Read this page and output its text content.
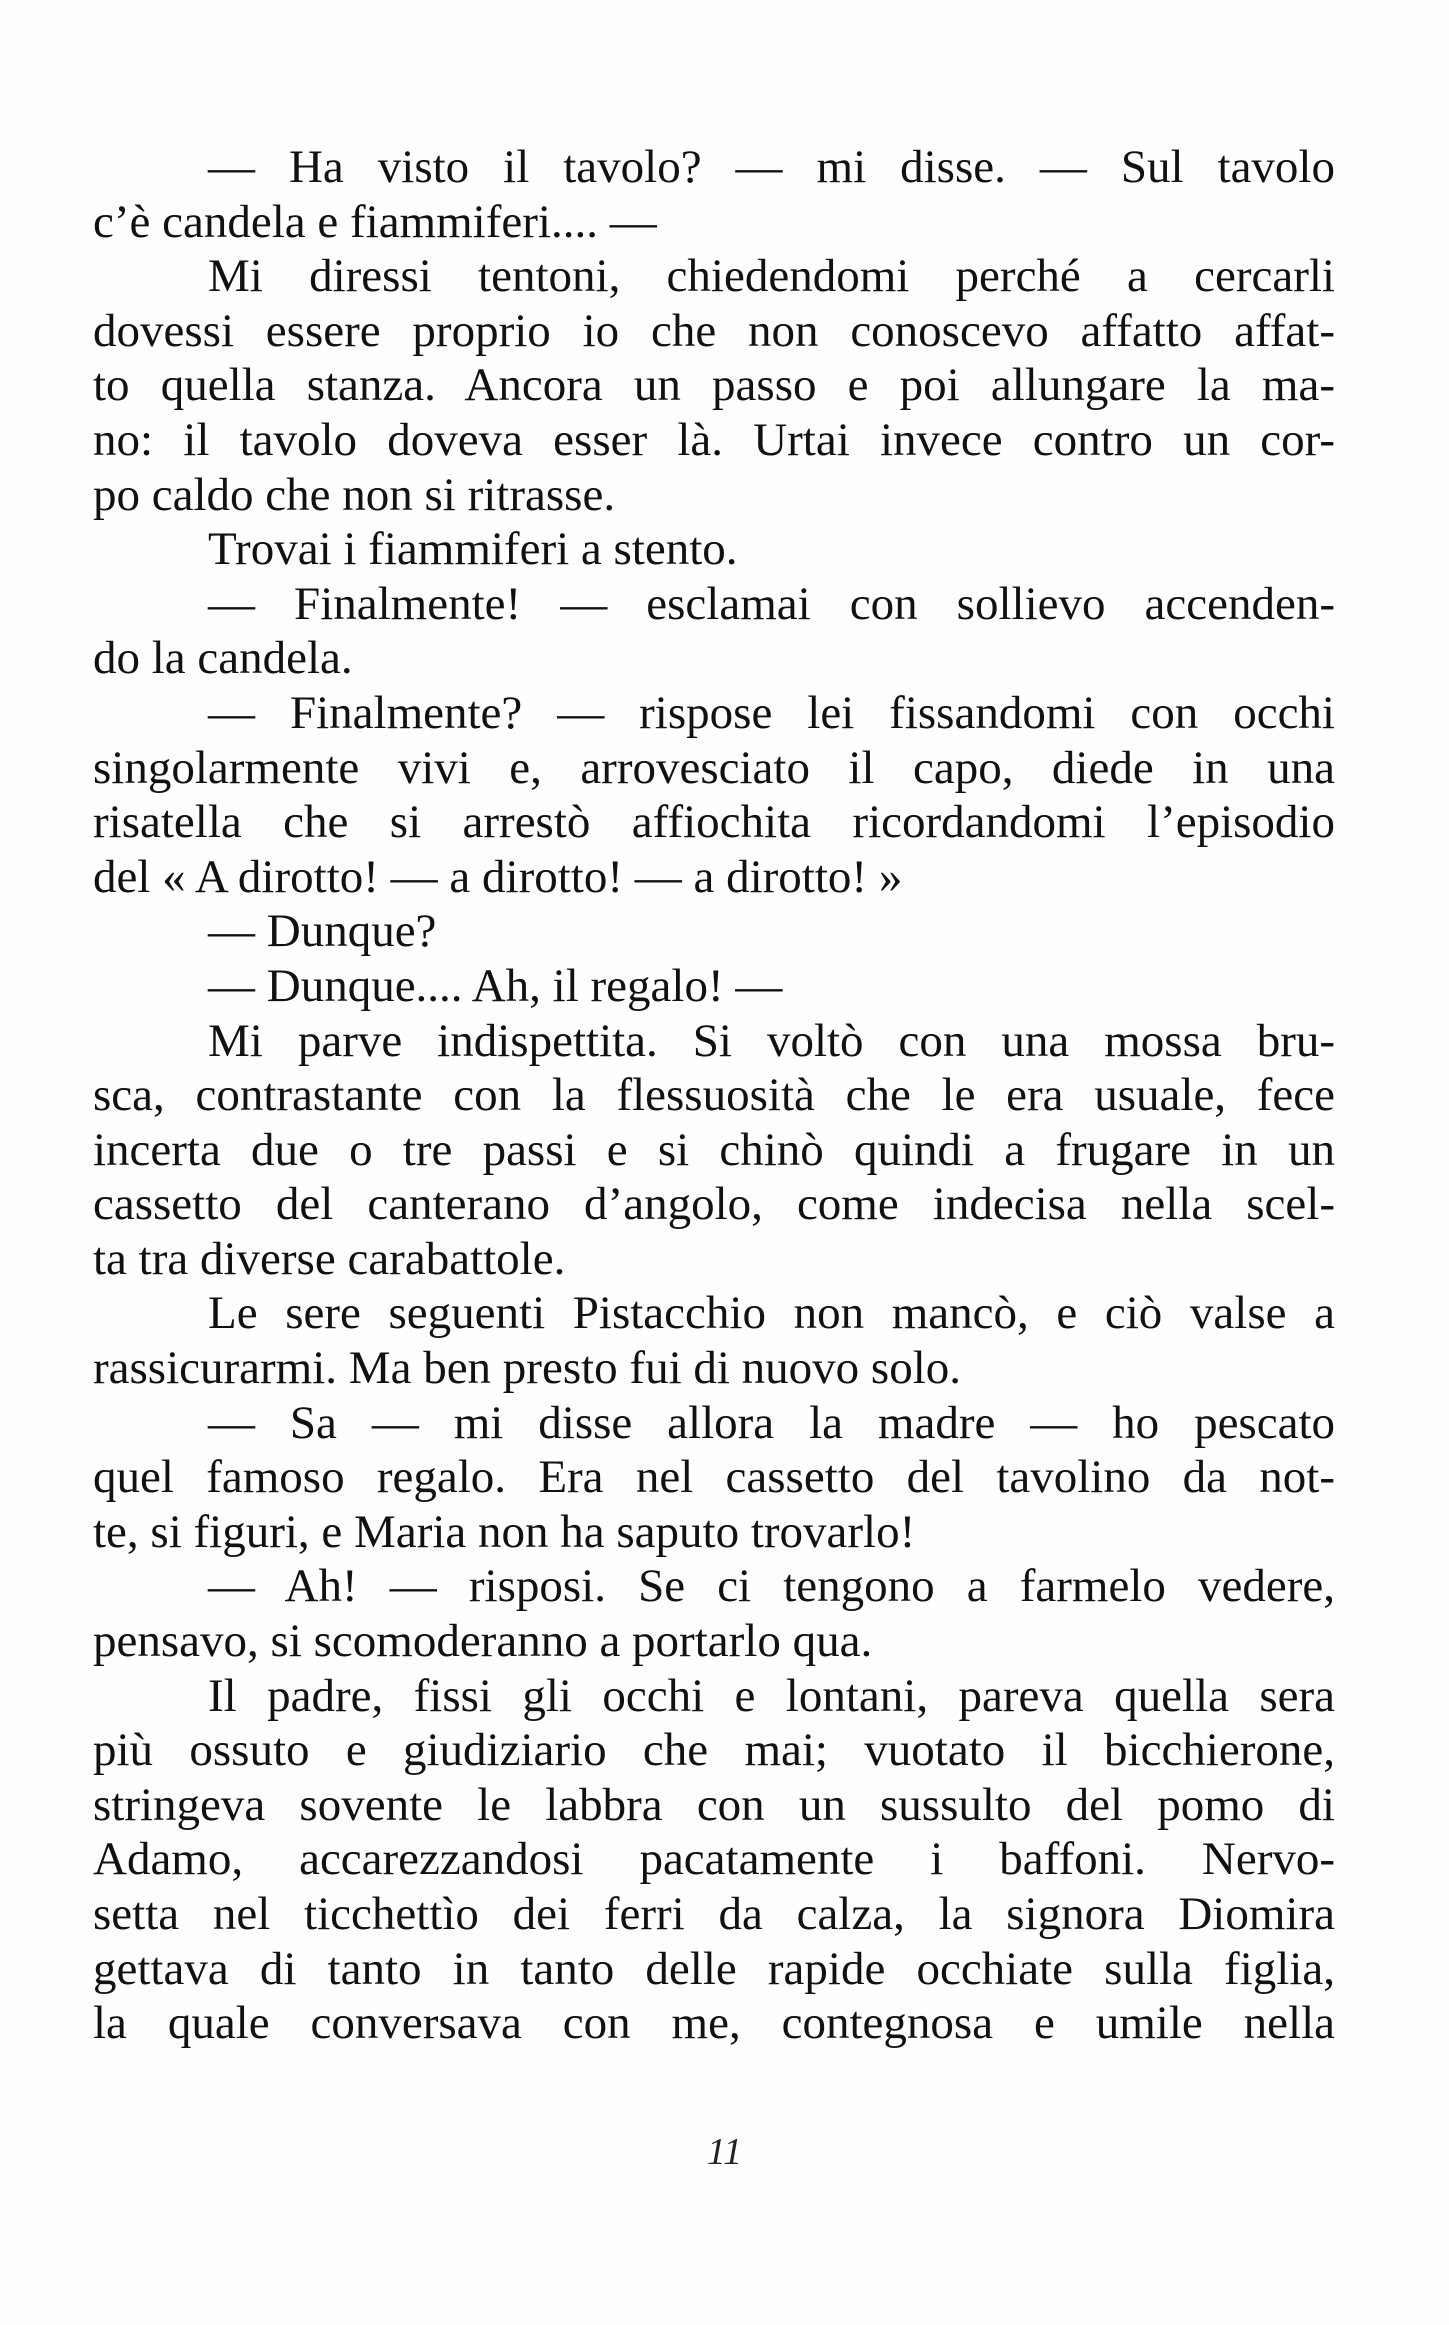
— Ha visto il tavolo? — mi disse. — Sul tavolo
c’è candela e fiammiferi.... —
Mi diressi tentoni, chiedendomi perché a cercarli
dovessi essere proprio io che non conoscevo affatto affat-
to quella stanza. Ancora un passo e poi allungare la ma-
no: il tavolo doveva esser là. Urtai invece contro un cor-
po caldo che non si ritrasse.
Trovai i fiammiferi a stento.
— Finalmente! — esclamai con sollievo accenden-
do la candela.
— Finalmente? — rispose lei fissandomi con occhi
singolarmente vivi e, arrovesciato il capo, diede in una
risatella che si arrestò affiochita ricordandomi l’episodio
del « A dirotto! — a dirotto! — a dirotto! »
— Dunque?
— Dunque.... Ah, il regalo! —
Mi parve indispettita. Si voltò con una mossa bru-
sca, contrastante con la flessuosità che le era usuale, fece
incerta due o tre passi e si chinò quindi a frugare in un
cassetto del canterano d’angolo, come indecisa nella scel-
ta tra diverse carabattole.
Le sere seguenti Pistacchio non mancò, e ciò valse a
rassicurarmi. Ma ben presto fui di nuovo solo.
— Sa — mi disse allora la madre — ho pescato
quel famoso regalo. Era nel cassetto del tavolino da not-
te, si figuri, e Maria non ha saputo trovarlo!
— Ah! — risposi. Se ci tengono a farmelo vedere,
pensavo, si scomoderanno a portarlo qua.
Il padre, fissi gli occhi e lontani, pareva quella sera
più ossuto e giudiziario che mai; vuotato il bicchierone,
stringeva sovente le labbra con un sussulto del pomo di
Adamo, accarezzandosi pacatamente i baffoni. Nervo-
setta nel ticchettìo dei ferri da calza, la signora Diomira
gettava di tanto in tanto delle rapide occhiate sulla figlia,
la quale conversava con me, contegnosa e umile nella
11
